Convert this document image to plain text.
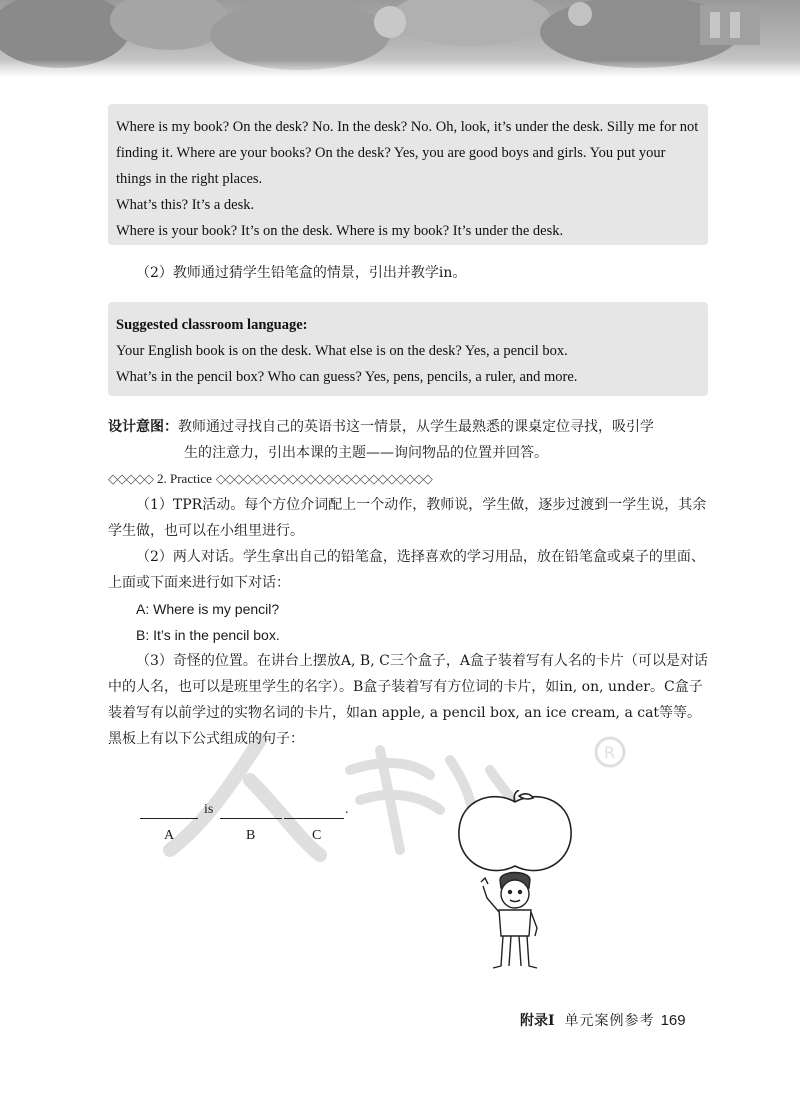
Where is my book? On the desk? No. In the desk? No. Oh, look, it’s under the desk. Silly me for not finding it. Where are your books? On the desk? Yes, you are good boys and girls. You put your things in the right places.

What’s this? It’s a desk.

Where is your book? It’s on the desk. Where is my book? It’s under the desk.

（2）教师通过猜学生铅笔盒的情景，引出并教学in。

Suggested classroom language:

Your English book is on the desk. What else is on the desk? Yes, a pencil box.

What’s in the pencil box? Who can guess? Yes, pens, pencils, a ruler, and more.

设计意图：教师通过寻找自己的英语书这一情景，从学生最熟悉的课桌定位寻找，吸引学
生的注意力，引出本课的主题——询问物品的位置并回答。
◇◇◇◇◇ 2. Practice ◇◇◇◇◇◇◇◇◇◇◇◇◇◇◇◇◇◇◇◇◇◇◇◇

（1）TPR活动。每个方位介词配上一个动作，教师说，学生做，逐步过渡到一学生说，其余学生做，也可以在小组里进行。

（2）两人对话。学生拿出自己的铅笔盒，选择喜欢的学习用品，放在铅笔盒或桌子的里面、上面或下面来进行如下对话：

A: Where is my pencil?

B: It’s in the pencil box.

（3）奇怪的位置。在讲台上摆放A, B, C三个盒子，A盒子装着写有人名的卡片（可以是对话中的人名，也可以是班里学生的名字）。B盒子装着写有方位词的卡片，如in, on, under。C盒子装着写有以前学过的实物名词的卡片，如an apple, a pencil box, an ice cream, a cat等等。黑板上有以下公式组成的句子：

R
is	.
A	B	C
附录I 单元案例参考 169
